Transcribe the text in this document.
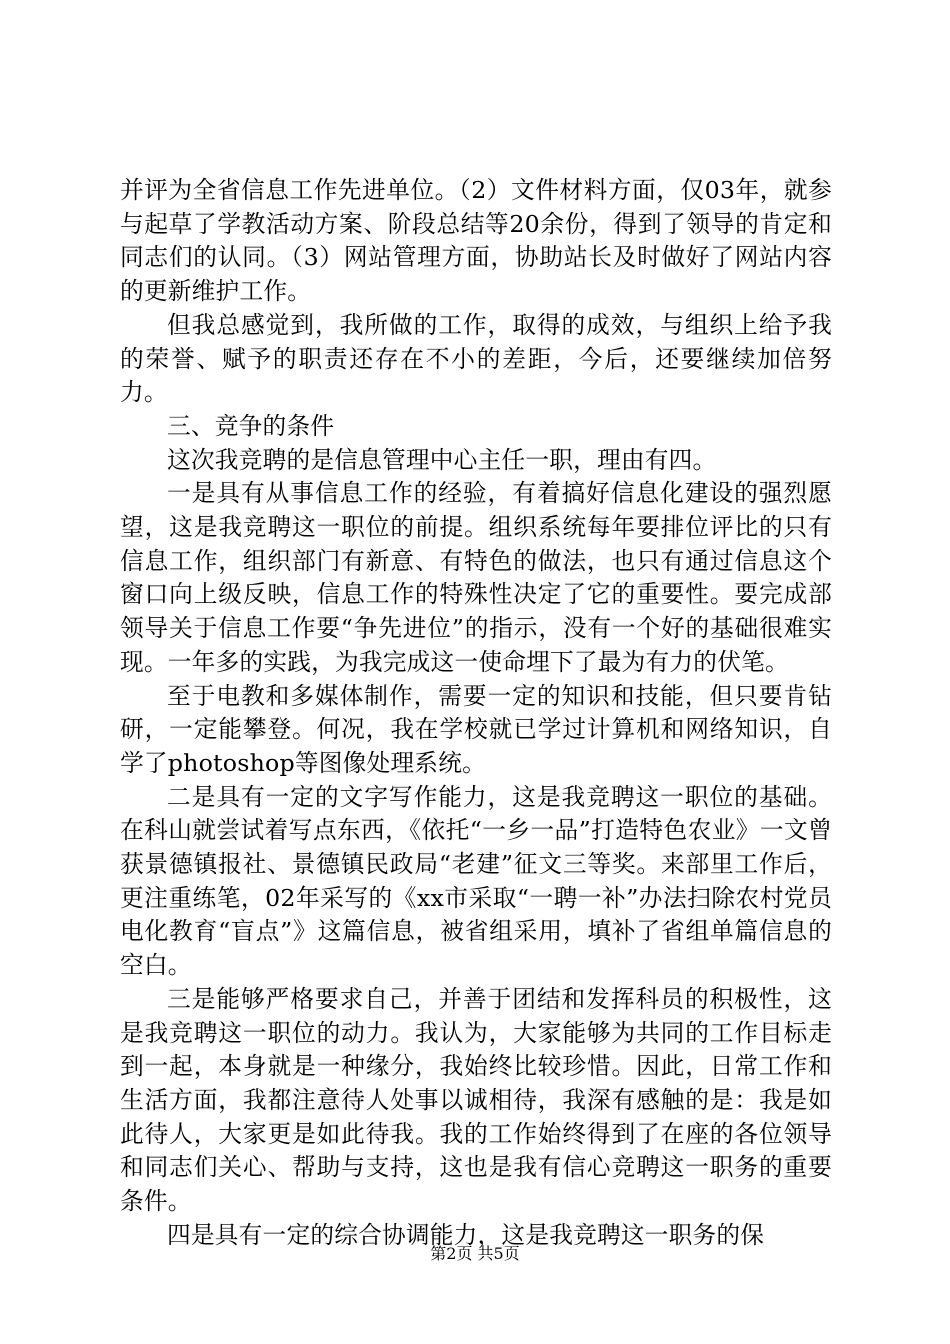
并评为全省信息工作先进单位。（2）文件材料方面，仅03年，就参与起草了学教活动方案、阶段总结等20余份，得到了领导的肯定和同志们的认同。（3）网站管理方面，协助站长及时做好了网站内容的更新维护工作。

但我总感觉到，我所做的工作，取得的成效，与组织上给予我的荣誉、赋予的职责还存在不小的差距，今后，还要继续加倍努力。

三、竞争的条件

这次我竞聘的是信息管理中心主任一职，理由有四。

一是具有从事信息工作的经验，有着搞好信息化建设的强烈愿望，这是我竞聘这一职位的前提。组织系统每年要排位评比的只有信息工作，组织部门有新意、有特色的做法，也只有通过信息这个窗口向上级反映，信息工作的特殊性决定了它的重要性。要完成部领导关于信息工作要“争先进位”的指示，没有一个好的基础很难实现。一年多的实践，为我完成这一使命埋下了最为有力的伏笔。

至于电教和多媒体制作，需要一定的知识和技能，但只要肯钻研，一定能攀登。何况，我在学校就已学过计算机和网络知识，自学了photoshop等图像处理系统。

二是具有一定的文字写作能力，这是我竞聘这一职位的基础。在科山就尝试着写点东西，《依托“一乡一品”打造特色农业》一文曾获景德镇报社、景德镇民政局“老建”征文三等奖。来部里工作后，更注重练笔，02年采写的《xx市采取“一聘一补”办法扫除农村党员电化教育“盲点”》这篇信息，被省组采用，填补了省组单篇信息的空白。

三是能够严格要求自己，并善于团结和发挥科员的积极性，这是我竞聘这一职位的动力。我认为，大家能够为共同的工作目标走到一起，本身就是一种缘分，我始终比较珍惜。因此，日常工作和生活方面，我都注意待人处事以诚相待，我深有感触的是：我是如此待人，大家更是如此待我。我的工作始终得到了在座的各位领导和同志们关心、帮助与支持，这也是我有信心竞聘这一职务的重要条件。

四是具有一定的综合协调能力，这是我竞聘这一职务的保

第2页 共5页
